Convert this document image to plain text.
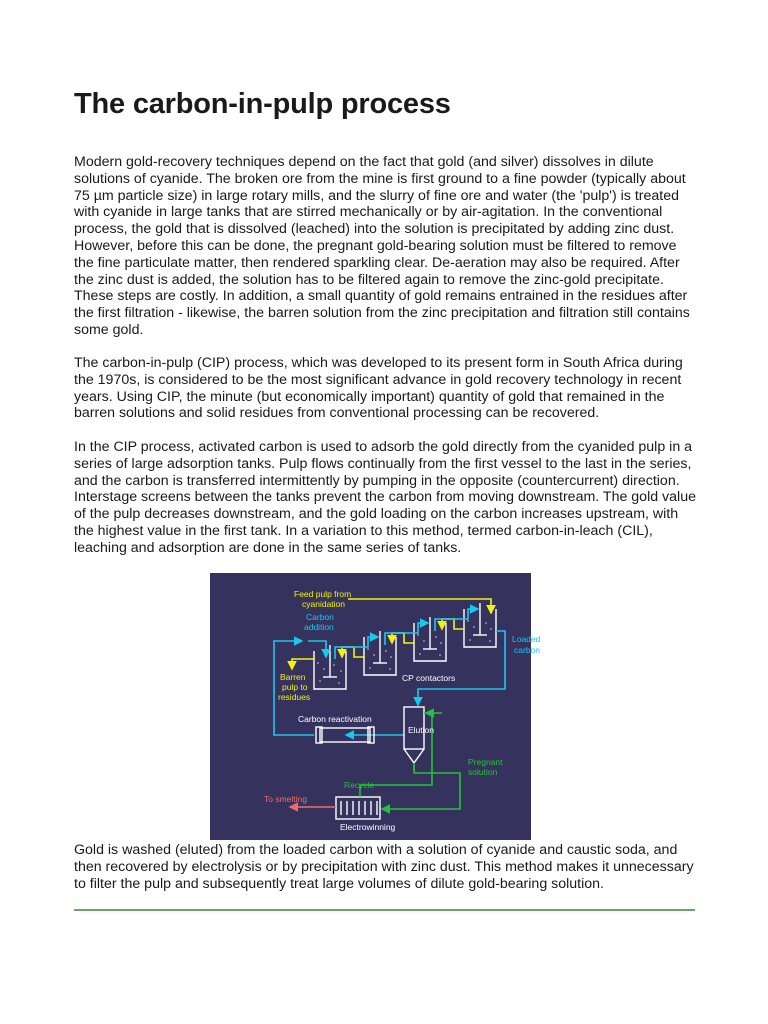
The carbon-in-pulp process

Modern gold-recovery techniques depend on the fact that gold (and silver) dissolves in dilute solutions of cyanide. The broken ore from the mine is first ground to a fine powder (typically about 75 µm particle size) in large rotary mills, and the slurry of fine ore and water (the 'pulp') is treated with cyanide in large tanks that are stirred mechanically or by air-agitation. In the conventional process, the gold that is dissolved (leached) into the solution is precipitated by adding zinc dust. However, before this can be done, the pregnant gold-bearing solution must be filtered to remove the fine particulate matter, then rendered sparkling clear. De-aeration may also be required. After the zinc dust is added, the solution has to be filtered again to remove the zinc-gold precipitate. These steps are costly. In addition, a small quantity of gold remains entrained in the residues after the first filtration - likewise, the barren solution from the zinc precipitation and filtration still contains some gold.

The carbon-in-pulp (CIP) process, which was developed to its present form in South Africa during the 1970s, is considered to be the most significant advance in gold recovery technology in recent years. Using CIP, the minute (but economically important) quantity of gold that remained in the barren solutions and solid residues from conventional processing can be recovered.

In the CIP process, activated carbon is used to adsorb the gold directly from the cyanided pulp in a series of large adsorption tanks. Pulp flows continually from the first vessel to the last in the series, and the carbon is transferred intermittently by pumping in the opposite (countercurrent) direction. Interstage screens between the tanks prevent the carbon from moving downstream. The gold value of the pulp decreases downstream, and the gold loading on the carbon increases upstream, with the highest value in the first tank. In a variation to this method, termed carbon-in-leach (CIL), leaching and adsorption are done in the same series of tanks.

Feed pulp from
cyanidation
Carbon
addition
Loaded
carbon
Barren
pulp to
residues
CP contactors
Carbon reactivation
Elution
Pregnant
solution
Recycle
To smelting
Electrowinning

Gold is washed (eluted) from the loaded carbon with a solution of cyanide and caustic soda, and then recovered by electrolysis or by precipitation with zinc dust. This method makes it unnecessary to filter the pulp and subsequently treat large volumes of dilute gold-bearing solution.
